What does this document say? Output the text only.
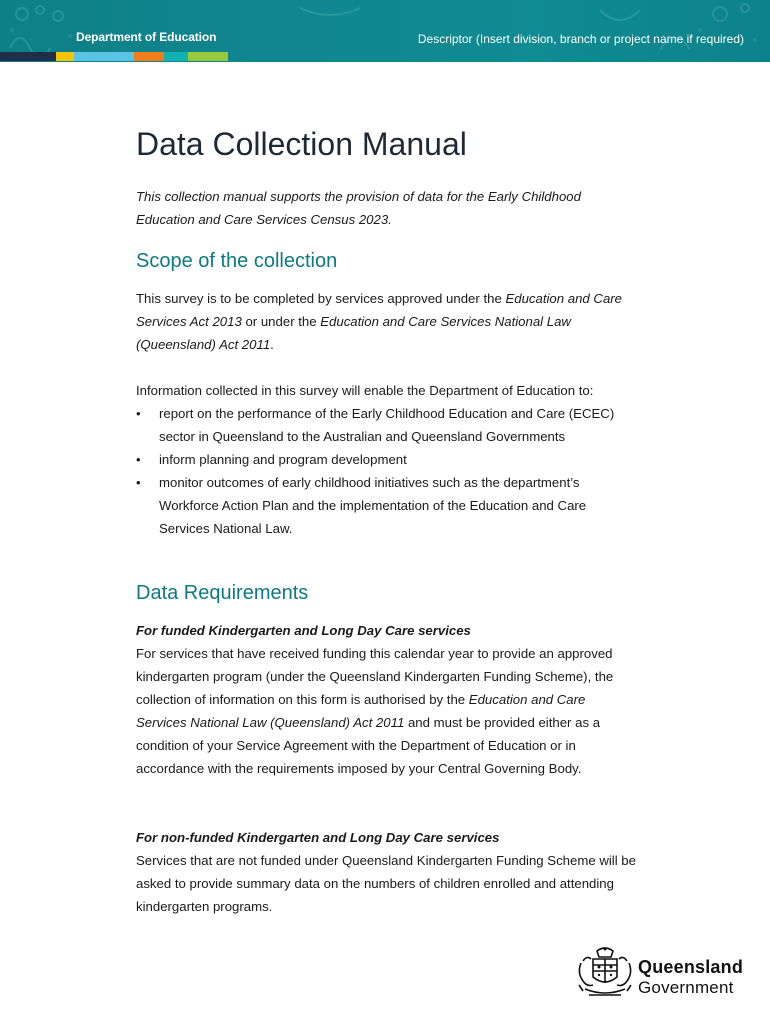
Department of Education	Descriptor (Insert division, branch or project name if required)
Data Collection Manual
This collection manual supports the provision of data for the Early Childhood Education and Care Services Census 2023.
Scope of the collection
This survey is to be completed by services approved under the Education and Care Services Act 2013 or under the Education and Care Services National Law (Queensland) Act 2011.
Information collected in this survey will enable the Department of Education to:
• report on the performance of the Early Childhood Education and Care (ECEC) sector in Queensland to the Australian and Queensland Governments
• inform planning and program development
• monitor outcomes of early childhood initiatives such as the department’s Workforce Action Plan and the implementation of the Education and Care Services National Law.
Data Requirements
For funded Kindergarten and Long Day Care services
For services that have received funding this calendar year to provide an approved kindergarten program (under the Queensland Kindergarten Funding Scheme), the collection of information on this form is authorised by the Education and Care Services National Law (Queensland) Act 2011 and must be provided either as a condition of your Service Agreement with the Department of Education or in accordance with the requirements imposed by your Central Governing Body.
For non-funded Kindergarten and Long Day Care services
Services that are not funded under Queensland Kindergarten Funding Scheme will be asked to provide summary data on the numbers of children enrolled and attending kindergarten programs.
Queensland
Government
